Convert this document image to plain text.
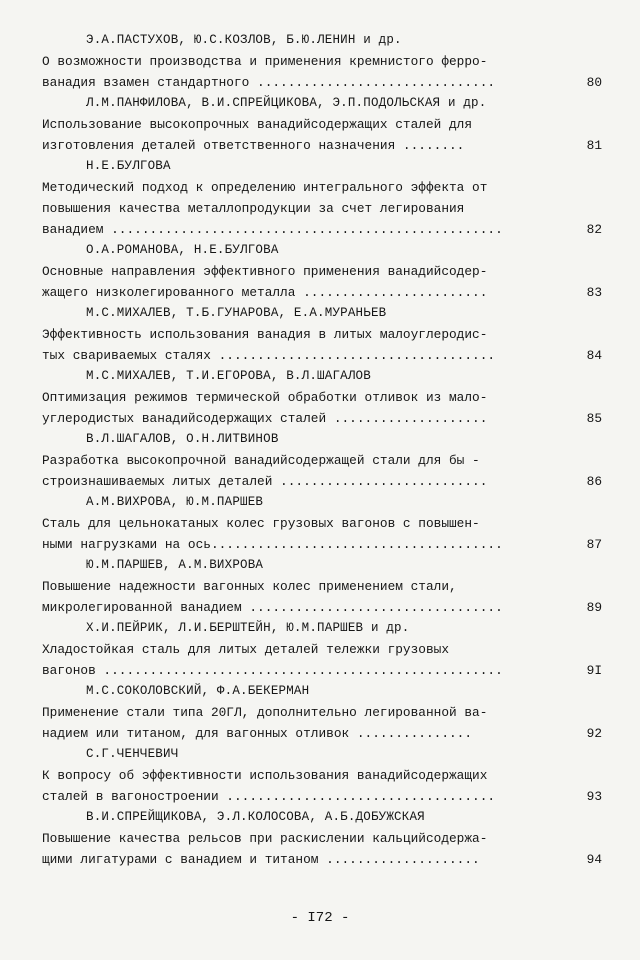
Э.А.ПАСТУХОВ, Ю.С.КОЗЛОВ, Б.Ю.ЛЕНИН и др.
О возможности производства и применения кремнистого ферро-
ванадия взамен стандартного ...............................	80
Л.М.ПАНФИЛОВА, В.И.СПРЕЙЦИКОВА, Э.П.ПОДОЛЬСКАЯ и др.
Использование высокопрочных ванадийсодержащих сталей для
изготовления деталей ответственного назначения ........	81
Н.Е.БУЛГОВА
Методический подход к определению интегрального эффекта от
повышения качества металлопродукции за счет легирования
ванадием ...................................................	82
О.А.РОМАНОВА, Н.Е.БУЛГОВА
Основные направления эффективного применения ванадийсодер-
жащего низколегированного металла ........................	83
М.С.МИХАЛЕВ, Т.Б.ГУНАРОВА, Е.А.МУРАНЬЕВ
Эффективность использования ванадия в литых малоуглеродис-
тых свариваемых сталях ....................................	84
М.С.МИХАЛЕВ, Т.И.ЕГОРОВА, В.Л.ШАГАЛОВ
Оптимизация режимов термической обработки отливок из мало-
углеродистых ванадийсодержащих сталей ....................	85
В.Л.ШАГАЛОВ, О.Н.ЛИТВИНОВ
Разработка высокопрочной ванадийсодержащей стали для бы -
строизнашиваемых литых деталей ...........................	86
А.М.ВИХРОВА, Ю.М.ПАРШЕВ
Сталь для цельнокатаных колес грузовых вагонов с повышен-
ными нагрузками на ось......................................	87
Ю.М.ПАРШЕВ, А.М.ВИХРОВА
Повышение надежности вагонных колес применением стали,
микролегированной ванадием .................................	89
Х.И.ПЕЙРИК, Л.И.БЕРШТЕЙН, Ю.М.ПАРШЕВ и др.
Хладостойкая сталь для литых деталей тележки грузовых
вагонов ....................................................	9I
М.С.СОКОЛОВСКИЙ, Ф.А.БЕКЕРМАН
Применение стали типа 20ГЛ, дополнительно легированной ва-
надием или титаном, для вагонных отливок ...............	92
С.Г.ЧЕНЧЕВИЧ
К вопросу об эффективности использования ванадийсодержащих
сталей в вагоностроении ...................................	93
В.И.СПРЕЙЩИКОВА, Э.Л.КОЛОСОВА, А.Б.ДОБУЖСКАЯ
Повышение качества рельсов при раскислении кальцийсодержа-
щими лигатурами с ванадием и титаном ....................	94
- I72 -
